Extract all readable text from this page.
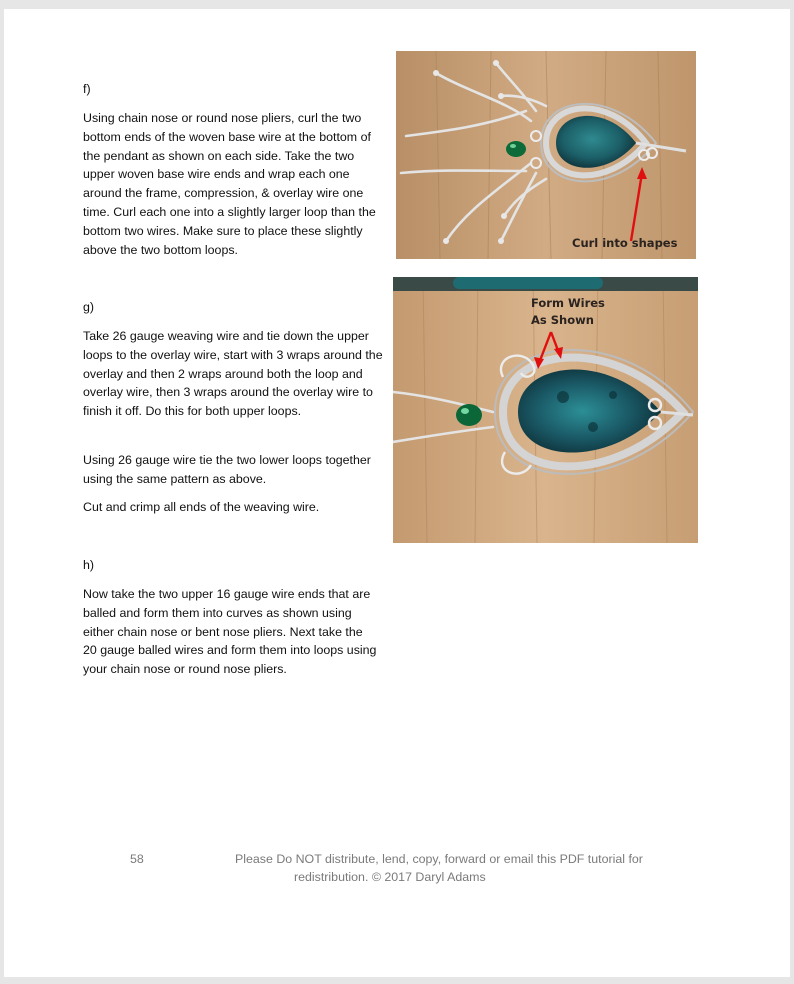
f)

Using chain nose or round nose pliers, curl the two bottom ends of the woven base wire at the bottom of the pendant as shown on each side. Take the two upper woven base wire ends and wrap each one around the frame, compression, & overlay wire one time. Curl each one into a slightly larger loop than the bottom two wires. Make sure to place these slightly above the two bottom loops.

g)

Take 26 gauge weaving wire and tie down the upper loops to the overlay wire, start with 3 wraps around the overlay and then 2 wraps around both the loop and overlay wire, then 3 wraps around the overlay wire to finish it off. Do this for both upper loops.

Using 26 gauge wire tie the two lower loops together using the same pattern as above.

Cut and crimp all ends of the weaving wire.

h)

Now take the two upper 16 gauge wire ends that are balled and form them into curves as shown using either chain nose or bent nose pliers. Next take the 20 gauge balled wires and form them into loops using your chain nose or round nose pliers.

Curl into shapes
Form Wires
As Shown
58	Please Do NOT distribute, lend, copy, forward or email this PDF tutorial for
redistribution. © 2017 Daryl Adams
